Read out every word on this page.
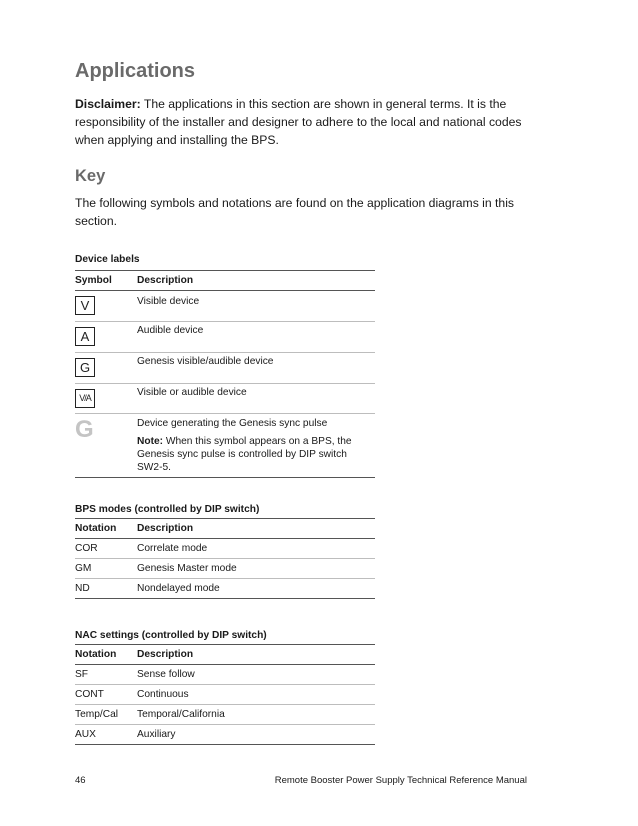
Applications
Disclaimer: The applications in this section are shown in general terms. It is the responsibility of the installer and designer to adhere to the local and national codes when applying and installing the BPS.
Key
The following symbols and notations are found on the application diagrams in this section.
Device labels
Symbol Description
V	Visible device
A	Audible device
G	Genesis visible/audible device
V/A	Visible or audible device
G	Device generating the Genesis sync pulse
Note: When this symbol appears on a BPS, the Genesis sync pulse is controlled by DIP switch SW2-5.
BPS modes (controlled by DIP switch)
Notation Description
COR	Correlate mode
GM	Genesis Master mode
ND	Nondelayed mode
NAC settings (controlled by DIP switch)
Notation Description
SF	Sense follow
CONT	Continuous
Temp/Cal Temporal/California
AUX	Auxiliary
46	Remote Booster Power Supply Technical Reference Manual
